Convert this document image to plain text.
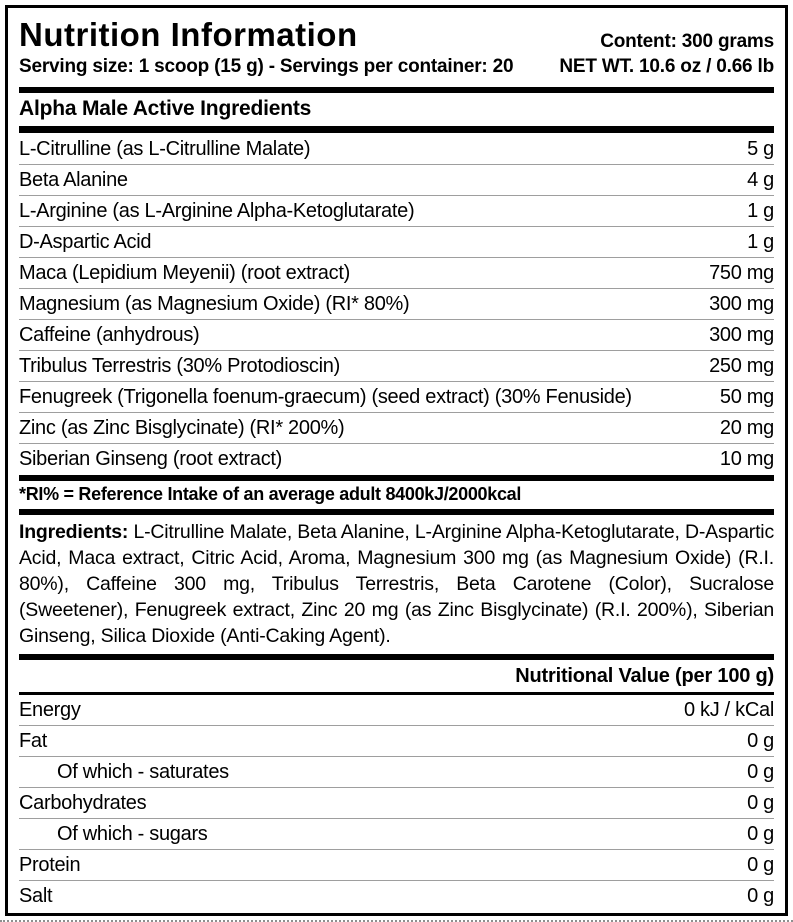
Nutrition Information
Serving size: 1 scoop (15 g) - Servings per container: 20
Content: 300 grams
NET WT. 10.6 oz / 0.66 lb
Alpha Male Active Ingredients
L-Citrulline (as L-Citrulline Malate)	5 g
Beta Alanine	4 g
L-Arginine (as L-Arginine Alpha-Ketoglutarate)	1 g
D-Aspartic Acid	1 g
Maca (Lepidium Meyenii) (root extract)	750 mg
Magnesium (as Magnesium Oxide) (RI* 80%)	300 mg
Caffeine (anhydrous)	300 mg
Tribulus Terrestris (30% Protodioscin)	250 mg
Fenugreek (Trigonella foenum-graecum) (seed extract) (30% Fenuside)	50 mg
Zinc (as Zinc Bisglycinate) (RI* 200%)	20 mg
Siberian Ginseng (root extract)	10 mg
*RI% = Reference Intake of an average adult 8400kJ/2000kcal

Ingredients: L-Citrulline Malate, Beta Alanine, L-Arginine Alpha-Ketoglutarate, D-Aspartic Acid, Maca extract, Citric Acid, Aroma, Magnesium 300 mg (as Magnesium Oxide) (R.I. 80%), Caffeine 300 mg, Tribulus Terrestris, Beta Carotene (Color), Sucralose (Sweetener), Fenugreek extract, Zinc 20 mg (as Zinc Bisglycinate) (R.I. 200%), Siberian Ginseng, Silica Dioxide (Anti-Caking Agent).

Nutritional Value (per 100 g)
Energy	0 kJ / kCal
Fat	0 g
Of which - saturates	0 g
Carbohydrates	0 g
Of which - sugars	0 g
Protein	0 g
Salt	0 g
